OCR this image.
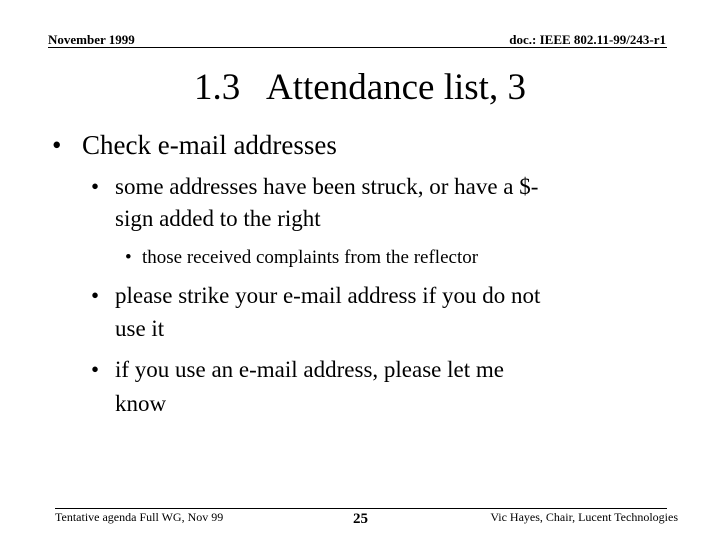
November 1999	doc.: IEEE 802.11-99/243-r1
1.3   Attendance list, 3
• Check e-mail addresses
• some addresses have been struck, or have a $-
sign added to the right
• those received complaints from the reflector
• please strike your e-mail address if you do not
use it
• if you use an e-mail address, please let me
know
Tentative agenda Full WG, Nov 99	25	Vic Hayes, Chair, Lucent Technologies
